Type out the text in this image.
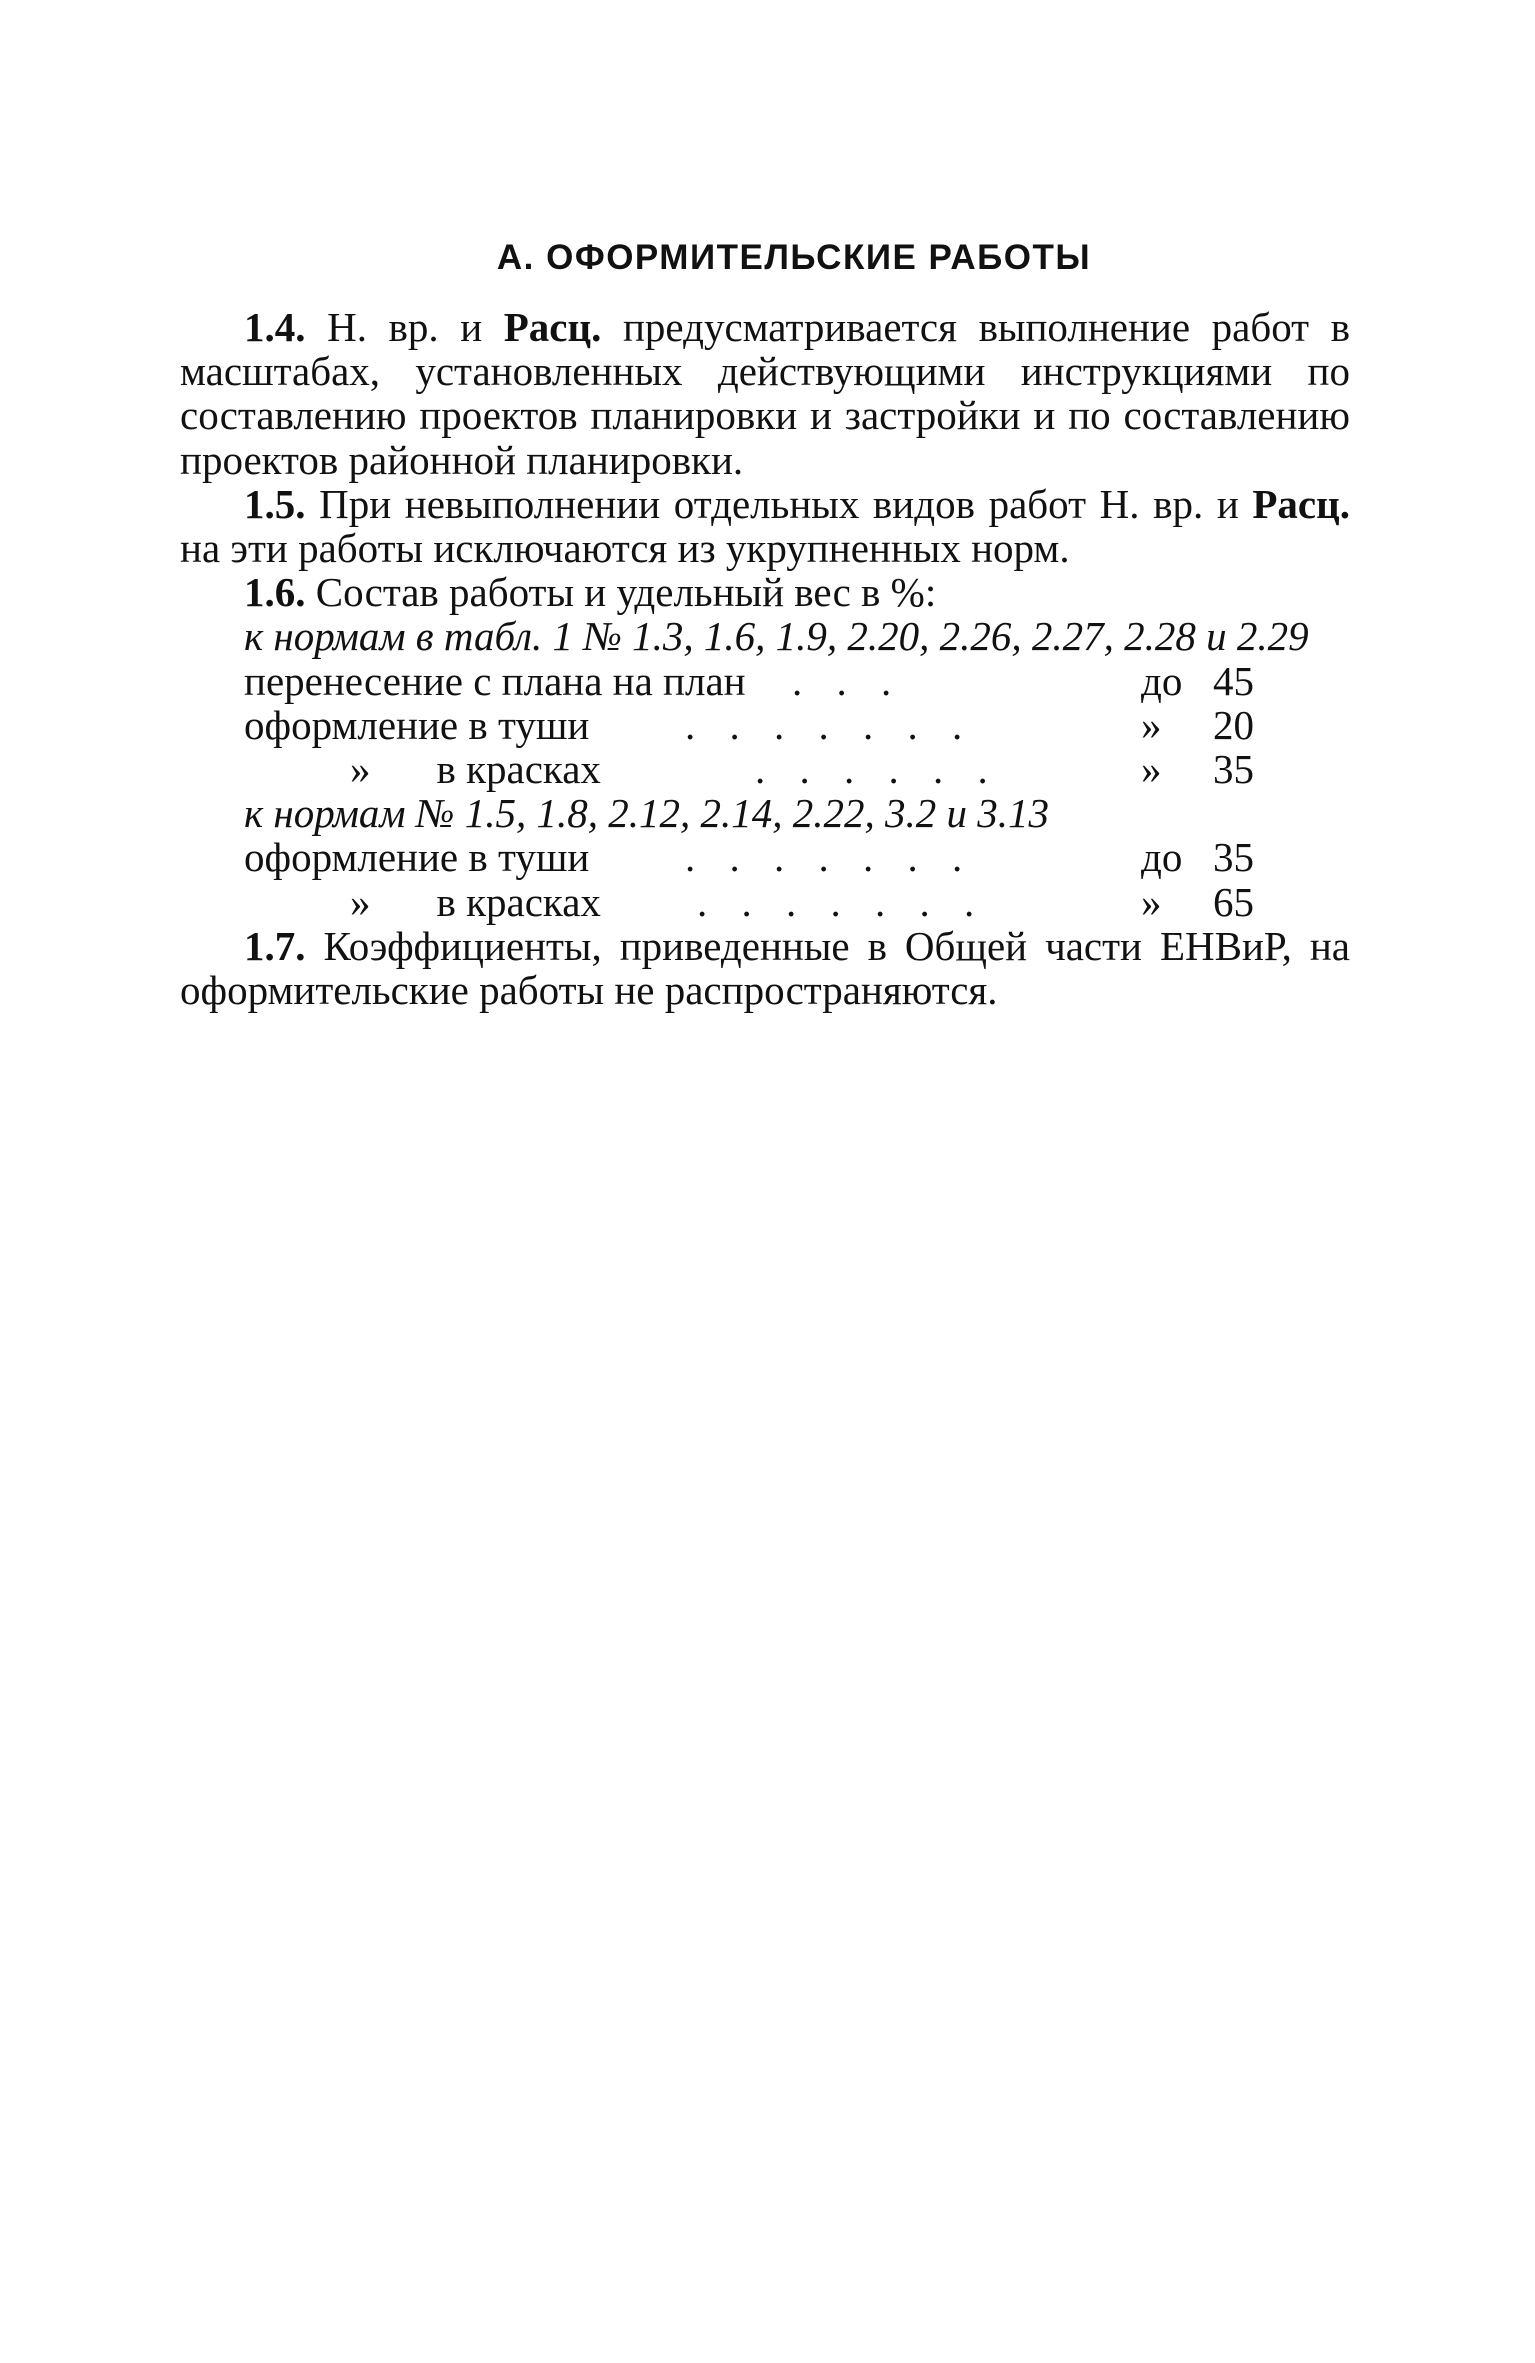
А. ОФОРМИТЕЛЬСКИЕ РАБОТЫ

1.4. Н. вр. и Расц. предусматривается выполнение работ в масштабах, установленных действующими инструкциями по составлению проектов планировки и застройки и по составлению проектов районной планировки.

1.5. При невыполнении отдельных видов работ Н. вр. и Расц. на эти работы исключаются из укрупненных норм.

1.6. Состав работы и удельный вес в %:

к нормам в табл. 1 № 1.3, 1.6, 1.9, 2.20, 2.26, 2.27, 2.28 и 2.29

перенесение с плана на план . . .	до 45
оформление в туши . . . . . . .	» 20
» в красках	. . . . . .	» 35

к нормам № 1.5, 1.8, 2.12, 2.14, 2.22, 3.2 и 3.13

оформление в туши . . . . . . .	до 35
» в красках . . . . . . .	» 65

1.7. Коэффициенты, приведенные в Общей части ЕНВиР, на оформительские работы не распространяются.
